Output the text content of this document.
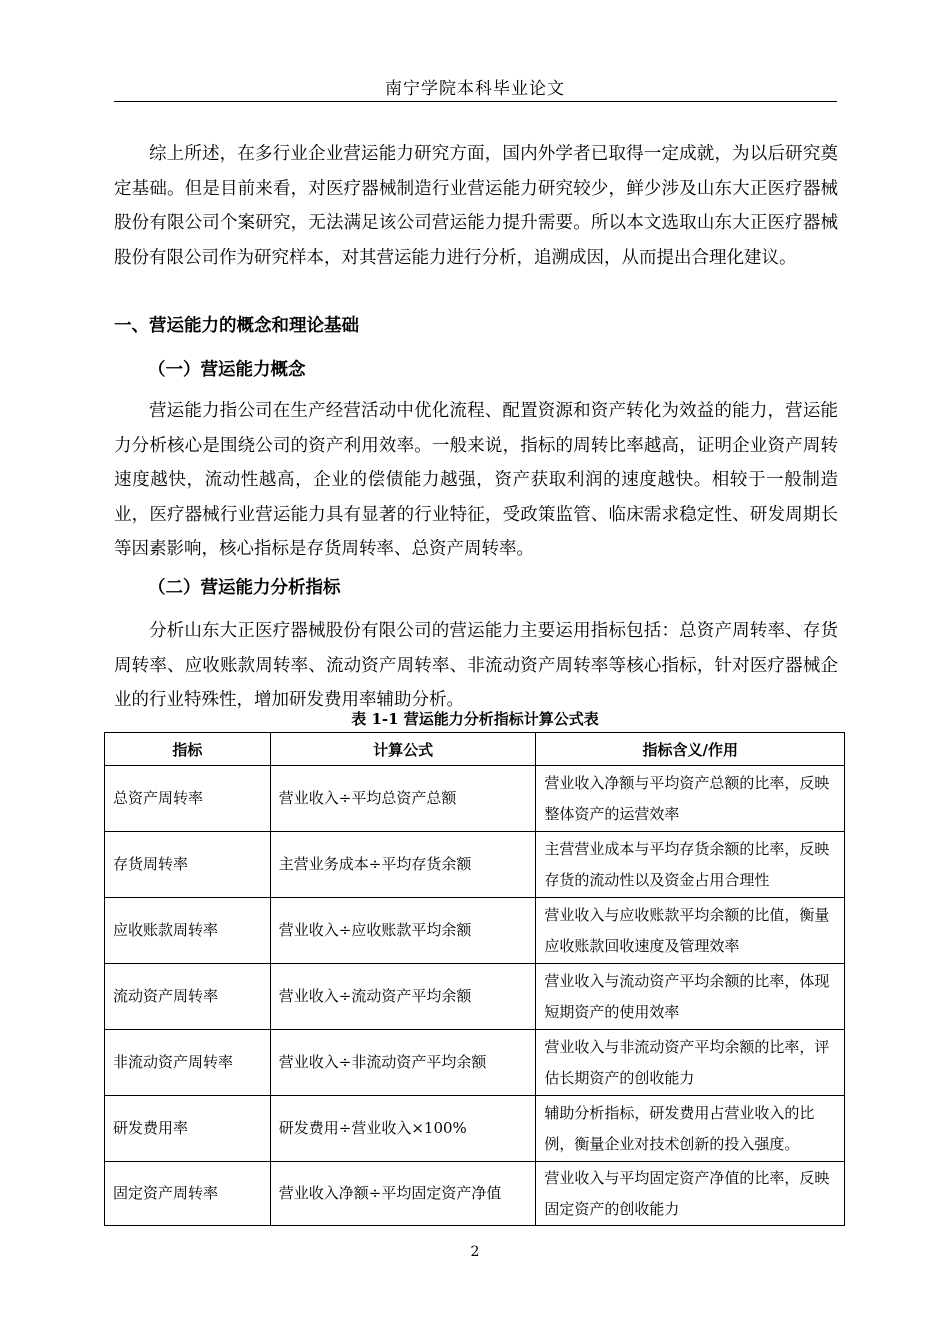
南宁学院本科毕业论文

综上所述，在多行业企业营运能力研究方面，国内外学者已取得一定成就，为以后研究奠定基础。但是目前来看，对医疗器械制造行业营运能力研究较少，鲜少涉及山东大正医疗器械股份有限公司个案研究，无法满足该公司营运能力提升需要。所以本文选取山东大正医疗器械股份有限公司作为研究样本，对其营运能力进行分析，追溯成因，从而提出合理化建议。

一、营运能力的概念和理论基础
（一）营运能力概念

营运能力指公司在生产经营活动中优化流程、配置资源和资产转化为效益的能力，营运能力分析核心是围绕公司的资产利用效率。一般来说，指标的周转比率越高，证明企业资产周转速度越快，流动性越高，企业的偿债能力越强，资产获取利润的速度越快。相较于一般制造业，医疗器械行业营运能力具有显著的行业特征，受政策监管、临床需求稳定性、研发周期长等因素影响，核心指标是存货周转率、总资产周转率。

（二）营运能力分析指标

分析山东大正医疗器械股份有限公司的营运能力主要运用指标包括：总资产周转率、存货周转率、应收账款周转率、流动资产周转率、非流动资产周转率等核心指标，针对医疗器械企业的行业特殊性，增加研发费用率辅助分析。

表 1-1 营运能力分析指标计算公式表
指标	计算公式	指标含义/作用
总资产周转率	营业收入÷平均总资产总额	营业收入净额与平均资产总额的比率，反映整体资产的运营效率
存货周转率	主营业务成本÷平均存货余额	主营营业成本与平均存货余额的比率，反映存货的流动性以及资金占用合理性
应收账款周转率	营业收入÷应收账款平均余额	营业收入与应收账款平均余额的比值，衡量应收账款回收速度及管理效率
流动资产周转率	营业收入÷流动资产平均余额	营业收入与流动资产平均余额的比率，体现短期资产的使用效率
非流动资产周转率	营业收入÷非流动资产平均余额	营业收入与非流动资产平均余额的比率，评估长期资产的创收能力
研发费用率	研发费用÷营业收入×100%	辅助分析指标，研发费用占营业收入的比例，衡量企业对技术创新的投入强度。
固定资产周转率	营业收入净额÷平均固定资产净值	营业收入与平均固定资产净值的比率，反映固定资产的创收能力
2
